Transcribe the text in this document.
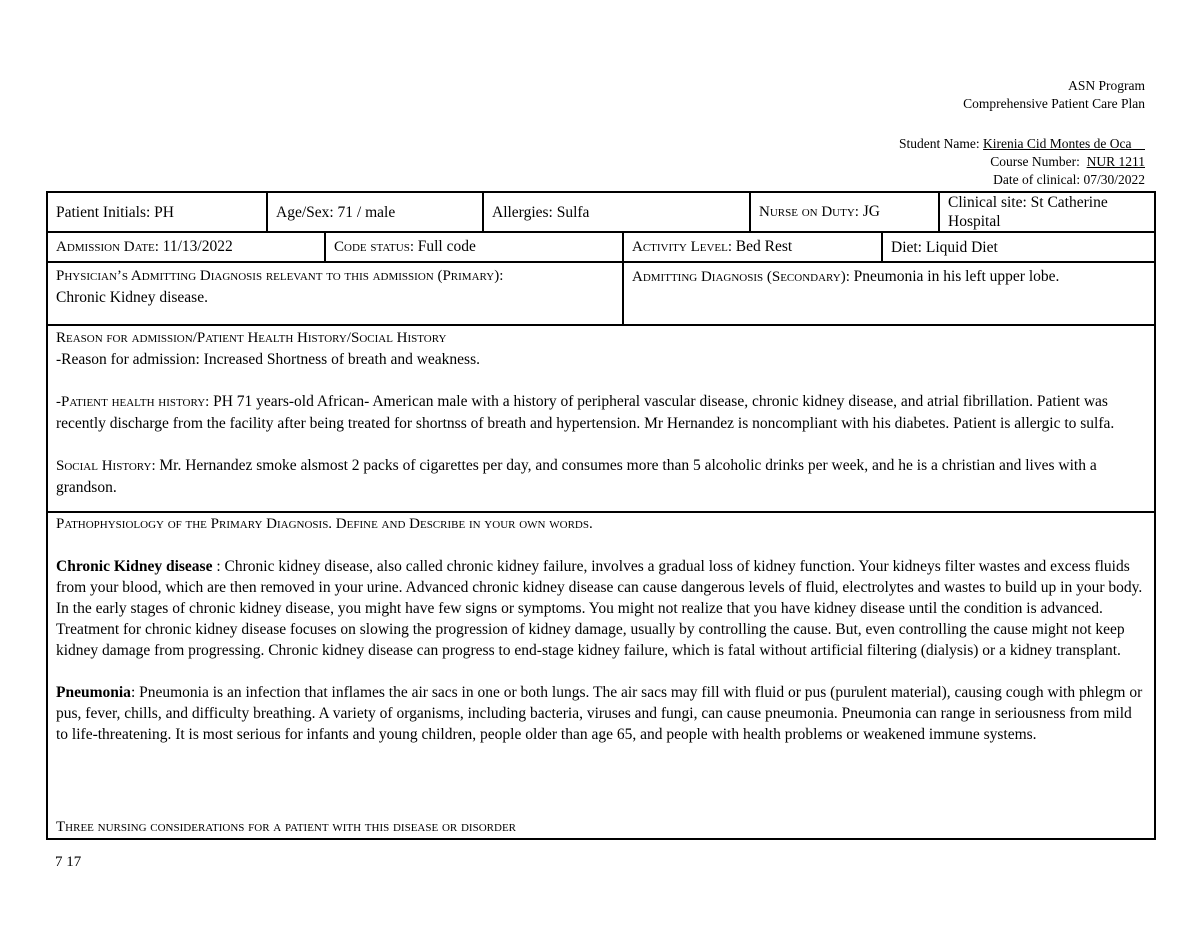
ASN Program
Comprehensive Patient Care Plan
Student Name: Kirenia Cid Montes de Oca
Course Number:  NUR 1211
Date of clinical: 07/30/2022
Patient Initials: PH	Age/Sex: 71 / male		Allergies: Sulfa		Nurse on Duty: JG		Clinical site: St Catherine Hospital
Admission Date: 11/13/2022		Code status: Full code		Activity Level: Bed Rest		Diet: Liquid Diet	

Physician’s Admitting Diagnosis relevant to this admission (Primary):
Chronic Kidney disease.				Admitting Diagnosis (Secondary): Pneumonia in his left upper lobe.			

Reason for admission/Patient Health History/Social History

-Reason for admission: Increased Shortness of breath and weakness.

-Patient health history: PH 71 years-old African- American male with a history of peripheral vascular disease, chronic kidney disease, and atrial fibrillation. Patient was recently discharge from the facility after being treated for shortnss of breath and hypertension. Mr Hernandez is noncompliant with his diabetes. Patient is allergic to sulfa.

Social History: Mr. Hernandez smoke alsmost 2 packs of cigarettes per day, and consumes more than 5 alcoholic drinks per week, and he is a christian and lives with a grandson.							

Pathophysiology of the Primary Diagnosis. Define and Describe in your own words.

Chronic Kidney disease : Chronic kidney disease, also called chronic kidney failure, involves a gradual loss of kidney function. Your kidneys filter wastes and excess fluids from your blood, which are then removed in your urine. Advanced chronic kidney disease can cause dangerous levels of fluid, electrolytes and wastes to build up in your body. In the early stages of chronic kidney disease, you might have few signs or symptoms. You might not realize that you have kidney disease until the condition is advanced. Treatment for chronic kidney disease focuses on slowing the progression of kidney damage, usually by controlling the cause. But, even controlling the cause might not keep kidney damage from progressing. Chronic kidney disease can progress to end-stage kidney failure, which is fatal without artificial filtering (dialysis) or a kidney transplant.

Pneumonia: Pneumonia is an infection that inflames the air sacs in one or both lungs. The air sacs may fill with fluid or pus (purulent material), causing cough with phlegm or pus, fever, chills, and difficulty breathing. A variety of organisms, including bacteria, viruses and fungi, can cause pneumonia. Pneumonia can range in seriousness from mild to life-threatening. It is most serious for infants and young children, people older than age 65, and people with health problems or weakened immune systems.

Three nursing considerations for a patient with this disease or disorder							

7 17
